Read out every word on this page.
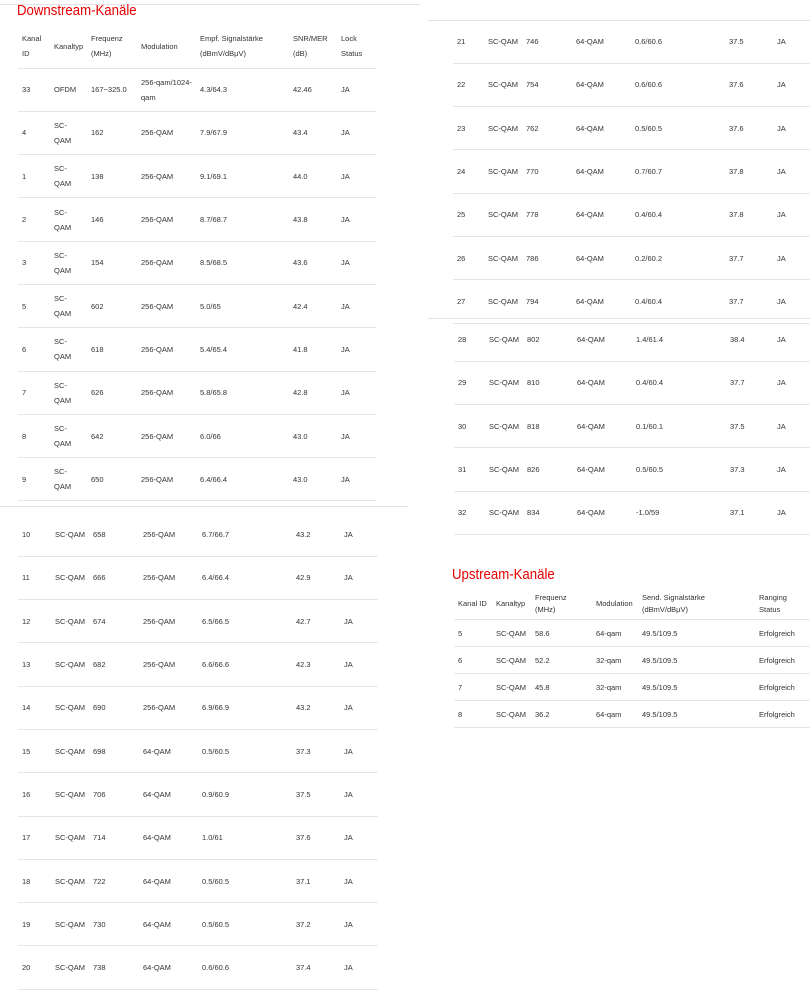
Downstream-Kanäle
Kanal ID	Kanaltyp	Frequenz (MHz)	Modulation	Empf. Signalstärke (dBmV/dBµV)	SNR/MER (dB)	Lock Status
33	OFDM	167~325.0	256-qam/1024-qam	4.3/64.3	42.46	JA
4	SC-QAM	162	256-QAM	7.9/67.9	43.4	JA
1	SC-QAM	138	256-QAM	9.1/69.1	44.0	JA
2	SC-QAM	146	256-QAM	8.7/68.7	43.8	JA
3	SC-QAM	154	256-QAM	8.5/68.5	43.6	JA
5	SC-QAM	602	256-QAM	5.0/65	42.4	JA
6	SC-QAM	618	256-QAM	5.4/65.4	41.8	JA
7	SC-QAM	626	256-QAM	5.8/65.8	42.8	JA
8	SC-QAM	642	256-QAM	6.0/66	43.0	JA
9	SC-QAM	650	256-QAM	6.4/66.4	43.0	JA
10	SC-QAM	658	256-QAM	6.7/66.7	43.2	JA
11	SC-QAM	666	256-QAM	6.4/66.4	42.9	JA
12	SC-QAM	674	256-QAM	6.5/66.5	42.7	JA
13	SC-QAM	682	256-QAM	6.6/66.6	42.3	JA
14	SC-QAM	690	256-QAM	6.9/66.9	43.2	JA
15	SC-QAM	698	64-QAM	0.5/60.5	37.3	JA
16	SC-QAM	706	64-QAM	0.9/60.9	37.5	JA
17	SC-QAM	714	64-QAM	1.0/61	37.6	JA
18	SC-QAM	722	64-QAM	0.5/60.5	37.1	JA
19	SC-QAM	730	64-QAM	0.5/60.5	37.2	JA
20	SC-QAM	738	64-QAM	0.6/60.6	37.4	JA
21	SC-QAM	746	64-QAM	0.6/60.6	37.5	JA
22	SC-QAM	754	64-QAM	0.6/60.6	37.6	JA
23	SC-QAM	762	64-QAM	0.5/60.5	37.6	JA
24	SC-QAM	770	64-QAM	0.7/60.7	37.8	JA
25	SC-QAM	778	64-QAM	0.4/60.4	37.8	JA
26	SC-QAM	786	64-QAM	0.2/60.2	37.7	JA
27	SC-QAM	794	64-QAM	0.4/60.4	37.7	JA
28	SC-QAM	802	64-QAM	1.4/61.4	38.4	JA
29	SC-QAM	810	64-QAM	0.4/60.4	37.7	JA
30	SC-QAM	818	64-QAM	0.1/60.1	37.5	JA
31	SC-QAM	826	64-QAM	0.5/60.5	37.3	JA
32	SC-QAM	834	64-QAM	-1.0/59	37.1	JA
Upstream-Kanäle
Kanal ID	Kanaltyp	Frequenz (MHz)	Modulation	Send. Signalstärke (dBmV/dBµV)	Ranging Status
5	SC-QAM	58.6	64-qam	49.5/109.5	Erfolgreich
6	SC-QAM	52.2	32-qam	49.5/109.5	Erfolgreich
7	SC-QAM	45.8	32-qam	49.5/109.5	Erfolgreich
8	SC-QAM	36.2	64-qam	49.5/109.5	Erfolgreich
